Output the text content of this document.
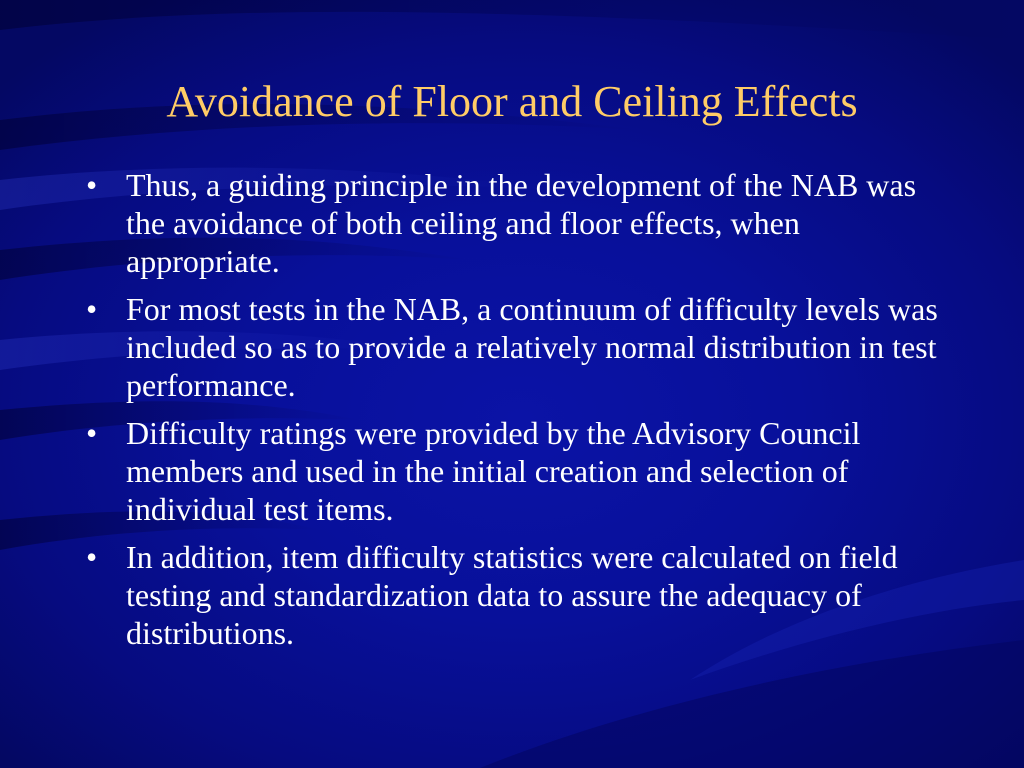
Avoidance of Floor and Ceiling Effects
• Thus, a guiding principle in the development of the NAB was the avoidance of both ceiling and floor effects, when appropriate.
• For most tests in the NAB, a continuum of difficulty levels was included so as to provide a relatively normal distribution in test performance.
• Difficulty ratings were provided by the Advisory Council members and used in the initial creation and selection of individual test items.
• In addition, item difficulty statistics were calculated on field testing and standardization data to assure the adequacy of distributions.
